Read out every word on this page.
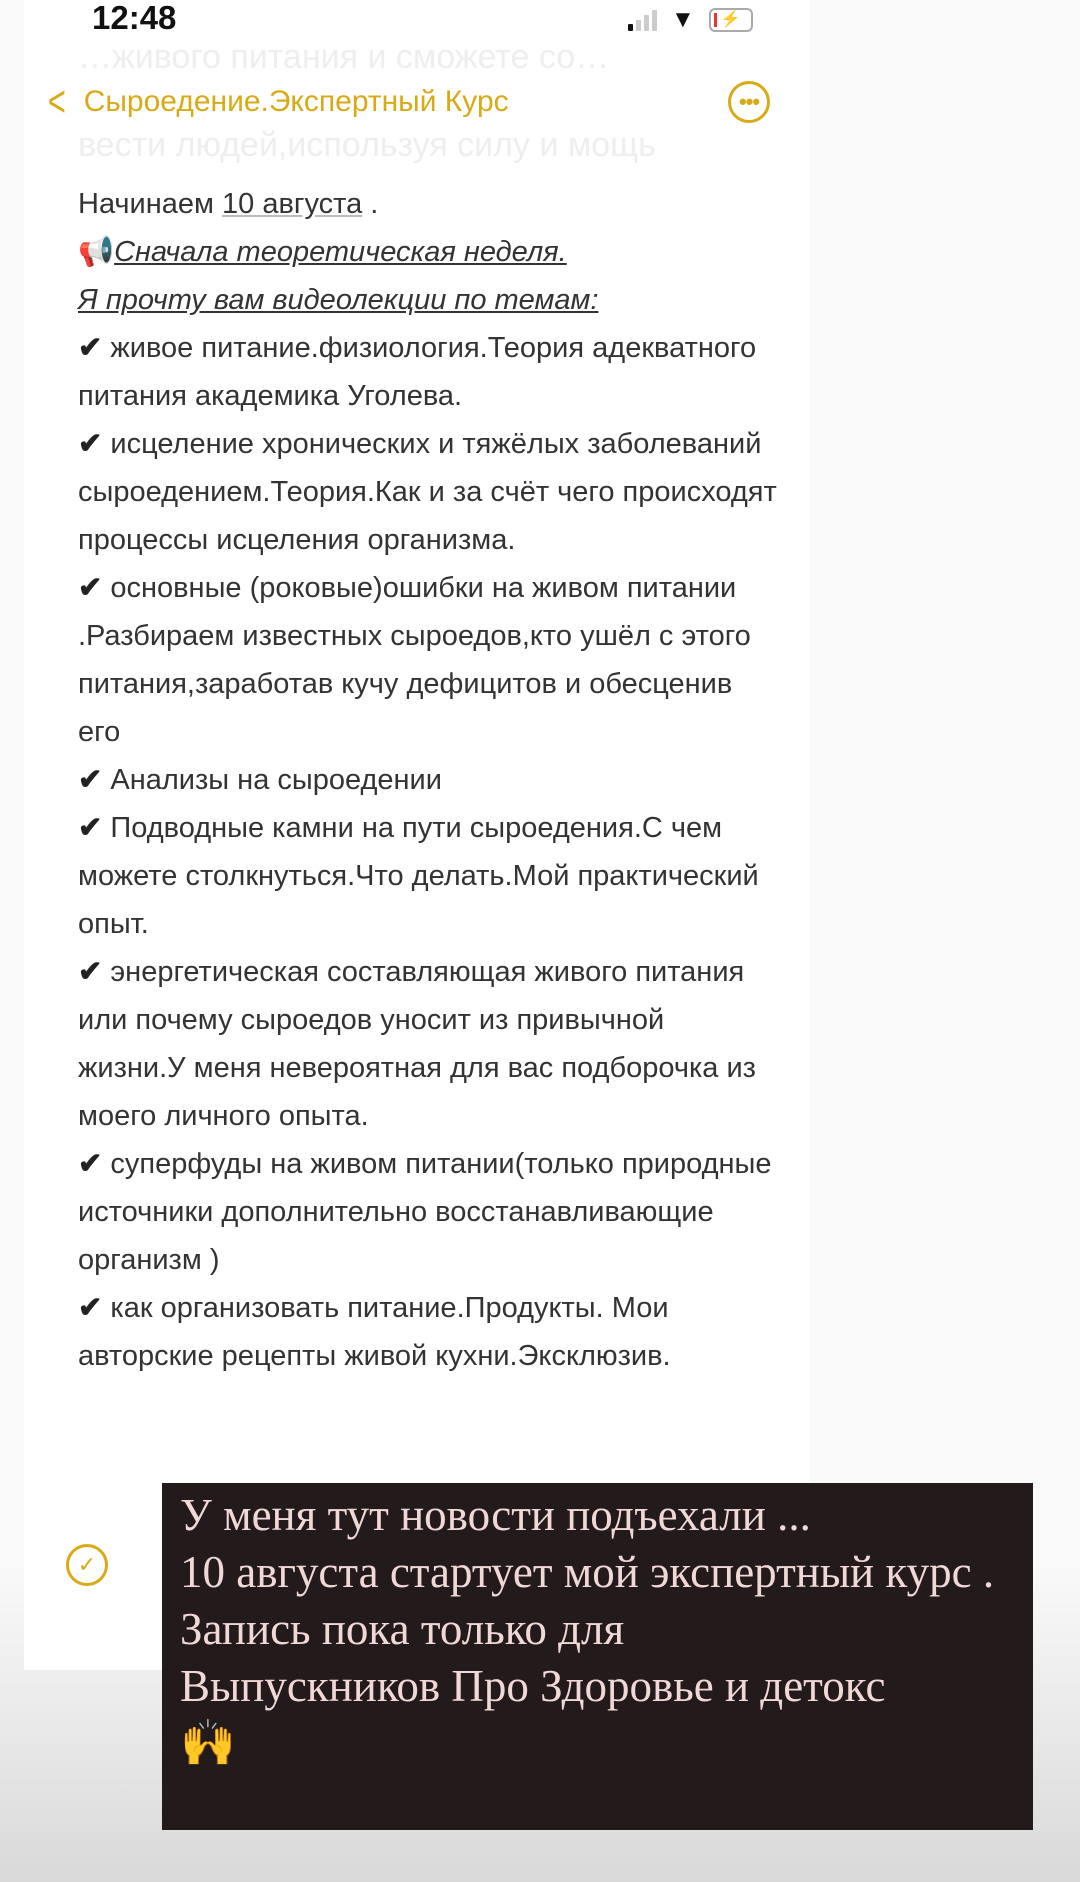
…живого питания и сможете со…
вести людей,используя силу и мощь
12:48	▼	⚡
< Сыроедение.Экспертный Курс	•••

Начинаем 10 августа .

📢Сначала теоретическая неделя.

Я прочту вам видеолекции по темам:

✔ живое питание.физиология.Теория адекватного питания академика Уголева.

✔ исцеление хронических и тяжёлых заболеваний сыроедением.Теория.Как и за счёт чего происходят процессы исцеления организма.

✔ основные (роковые)ошибки на живом питании .Разбираем известных сыроедов,кто ушёл с этого питания,заработав кучу дефицитов и обесценив его

✔ Анализы на сыроедении

✔ Подводные камни на пути сыроедения.С чем можете столкнуться.Что делать.Мой практический опыт.

✔ энергетическая составляющая живого питания или почему сыроедов уносит из привычной жизни.У меня невероятная для вас подборочка из моего личного опыта.

✔ суперфуды на живом питании(только природные источники дополнительно восстанавливающие организм )

✔ как организовать питание.Продукты. Мои авторские рецепты живой кухни.Эксклюзив.

✓

У меня тут новости подъехали ...

10 августа стартует мой экспертный курс .

Запись пока только для

Выпускников Про Здоровье и детокс

🙌
